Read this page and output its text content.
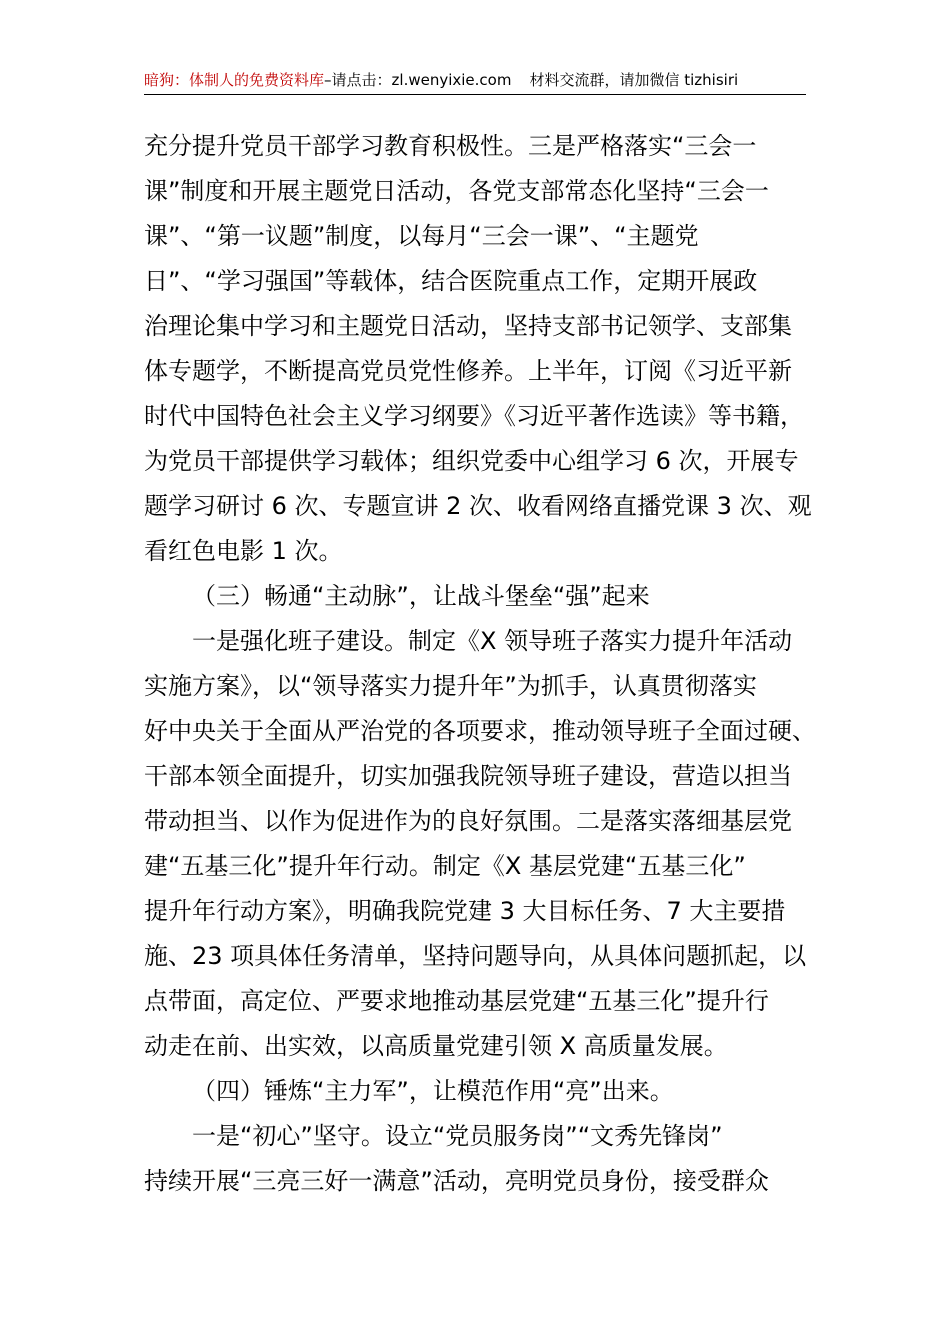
暗狗：体制人的免费资料库–请点击：zl.wenyixie.com 材料交流群，请加微信 tizhisiri
充分提升党员干部学习教育积极性。三是严格落实“三会一
课”制度和开展主题党日活动，各党支部常态化坚持“三会一
课”、“第一议题”制度，以每月“三会一课”、“主题党
日”、“学习强国”等载体，结合医院重点工作，定期开展政
治理论集中学习和主题党日活动，坚持支部书记领学、支部集
体专题学，不断提高党员党性修养。上半年，订阅《习近平新
时代中国特色社会主义学习纲要》《习近平著作选读》等书籍，
为党员干部提供学习载体；组织党委中心组学习 6 次，开展专
题学习研讨 6 次、专题宣讲 2 次、收看网络直播党课 3 次、观
看红色电影 1 次。
（三）畅通“主动脉”，让战斗堡垒“强”起来
一是强化班子建设。制定《X 领导班子落实力提升年活动
实施方案》，以“领导落实力提升年”为抓手，认真贯彻落实
好中央关于全面从严治党的各项要求，推动领导班子全面过硬、
干部本领全面提升，切实加强我院领导班子建设，营造以担当
带动担当、以作为促进作为的良好氛围。二是落实落细基层党
建“五基三化”提升年行动。制定《X 基层党建“五基三化”
提升年行动方案》，明确我院党建 3 大目标任务、7 大主要措
施、23 项具体任务清单，坚持问题导向，从具体问题抓起，以
点带面，高定位、严要求地推动基层党建“五基三化”提升行
动走在前、出实效，以高质量党建引领 X 高质量发展。
（四）锤炼“主力军”，让模范作用“亮”出来。
一是“初心”坚守。设立“党员服务岗”“文秀先锋岗”
持续开展“三亮三好一满意”活动，亮明党员身份，接受群众
